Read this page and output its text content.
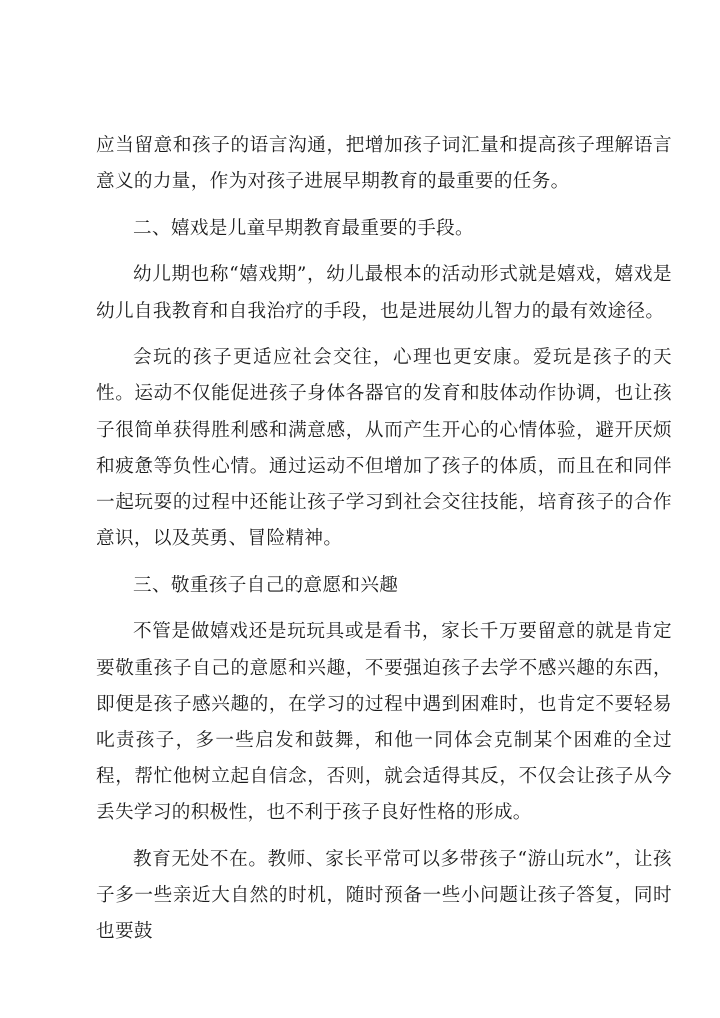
应当留意和孩子的语言沟通，把增加孩子词汇量和提高孩子理解语言意义的力量，作为对孩子进展早期教育的最重要的任务。

二、嬉戏是儿童早期教育最重要的手段。

幼儿期也称“嬉戏期”，幼儿最根本的活动形式就是嬉戏，嬉戏是幼儿自我教育和自我治疗的手段，也是进展幼儿智力的最有效途径。

会玩的孩子更适应社会交往，心理也更安康。爱玩是孩子的天性。运动不仅能促进孩子身体各器官的发育和肢体动作协调，也让孩子很简单获得胜利感和满意感，从而产生开心的心情体验，避开厌烦和疲惫等负性心情。通过运动不但增加了孩子的体质，而且在和同伴一起玩耍的过程中还能让孩子学习到社会交往技能，培育孩子的合作意识，以及英勇、冒险精神。

三、敬重孩子自己的意愿和兴趣

不管是做嬉戏还是玩玩具或是看书，家长千万要留意的就是肯定要敬重孩子自己的意愿和兴趣，不要强迫孩子去学不感兴趣的东西，即便是孩子感兴趣的，在学习的过程中遇到困难时，也肯定不要轻易叱责孩子，多一些启发和鼓舞，和他一同体会克制某个困难的全过程，帮忙他树立起自信念，否则，就会适得其反，不仅会让孩子从今丢失学习的积极性，也不利于孩子良好性格的形成。

教育无处不在。教师、家长平常可以多带孩子“游山玩水”，让孩子多一些亲近大自然的时机，随时预备一些小问题让孩子答复，同时也要鼓
